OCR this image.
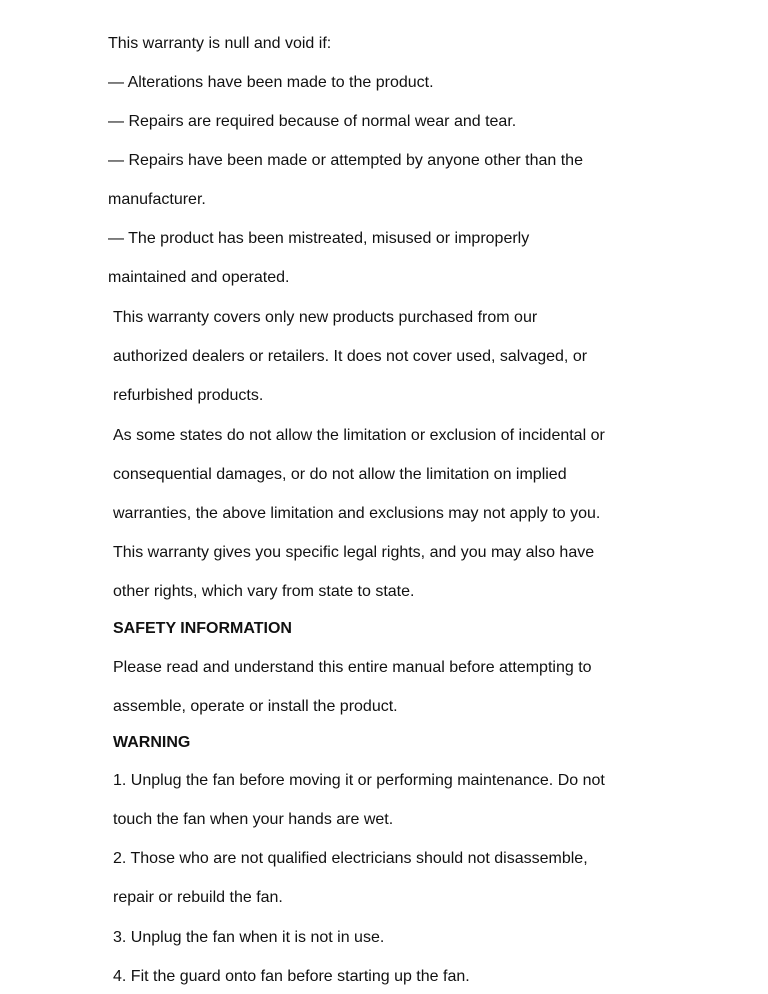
This warranty is null and void if:

— Alterations have been made to the product.

— Repairs are required because of normal wear and tear.

— Repairs have been made or attempted by anyone other than the

manufacturer.

— The product has been mistreated, misused or improperly

maintained and operated.

This warranty covers only new products purchased from our

authorized dealers or retailers. It does not cover used, salvaged, or

refurbished products.

As some states do not allow the limitation or exclusion of incidental or

consequential damages, or do not allow the limitation on implied

warranties, the above limitation and exclusions may not apply to you.

This warranty gives you specific legal rights, and you may also have

other rights, which vary from state to state.

SAFETY INFORMATION

Please read and understand this entire manual before attempting to

assemble, operate or install the product.

WARNING

1. Unplug the fan before moving it or performing maintenance. Do not

touch the fan when your hands are wet.

2. Those who are not qualified electricians should not disassemble,

repair or rebuild the fan.

3. Unplug the fan when it is not in use.

4. Fit the guard onto fan before starting up the fan.
